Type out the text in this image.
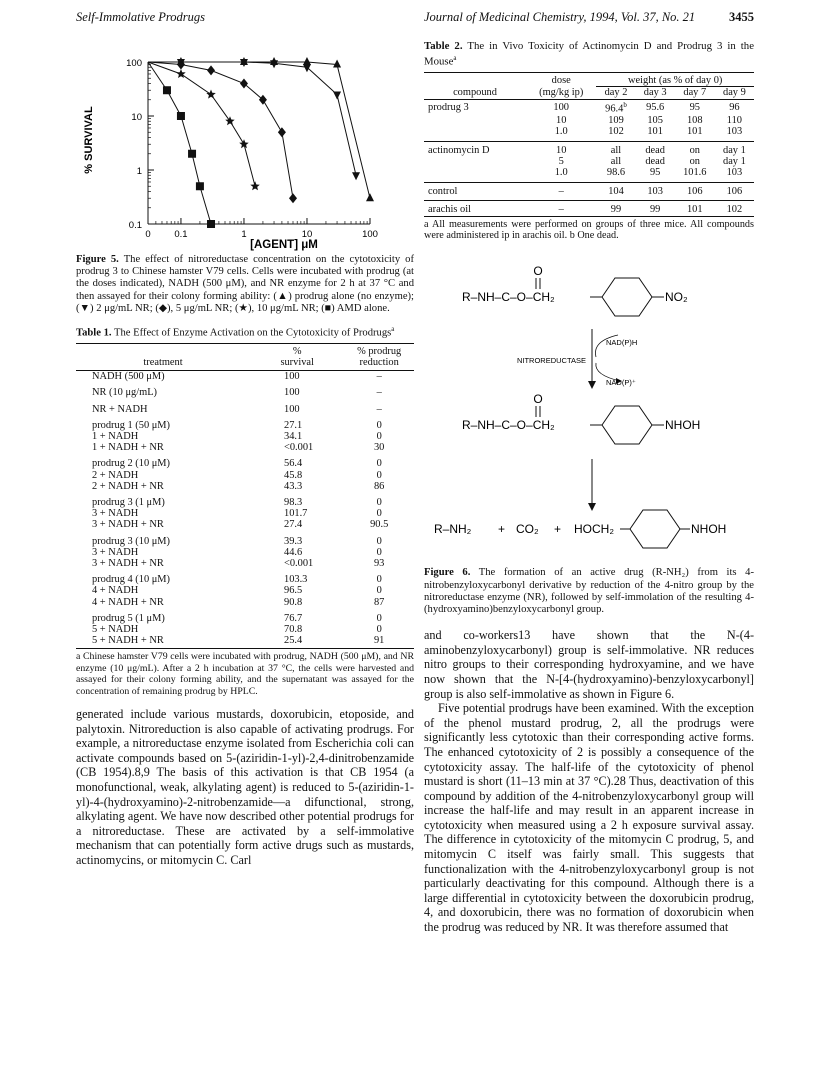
Self-Immolative Prodrugs	Journal of Medicinal Chemistry, 1994, Vol. 37, No. 21	3455
100
10
1
0.1
0 0.1	1	10	100
% SURVIVAL
[AGENT] μM
Figure 5. The effect of nitroreductase concentration on the cytotoxicity of prodrug 3 to Chinese hamster V79 cells. Cells were incubated with prodrug (at the doses indicated), NADH (500 μM), and NR enzyme for 2 h at 37 °C and then assayed for their colony forming ability: (▲) prodrug alone (no enzyme); (▼) 2 μg/mL NR; (◆), 5 μg/mL NR; (★), 10 μg/mL NR; (■) AMD alone.
Table 1. The Effect of Enzyme Activation on the Cytotoxicity of Prodrugs$^a$
	%	% prodrug
treatment	survival	reduction
NADH (500 μM)	100	–

NR (10 μg/mL)	100	–

NR + NADH	100	–

prodrug 1 (50 μM)	27.1	0
1 + NADH	34.1	0
1 + NADH + NR	<0.001	30

prodrug 2 (10 μM)	56.4	0
2 + NADH	45.8	0
2 + NADH + NR	43.3	86

prodrug 3 (1 μM)	98.3	0
3 + NADH	101.7	0
3 + NADH + NR	27.4	90.5

prodrug 3 (10 μM)	39.3	0
3 + NADH	44.6	0
3 + NADH + NR	<0.001	93

prodrug 4 (10 μM)	103.3	0
4 + NADH	96.5	0
4 + NADH + NR	90.8	87

prodrug 5 (1 μM)	76.7	0
5 + NADH	70.8	0
5 + NADH + NR	25.4	91
a Chinese hamster V79 cells were incubated with prodrug, NADH (500 μM), and NR enzyme (10 μg/mL). After a 2 h incubation at 37 °C, the cells were harvested and assayed for their colony forming ability, and the supernatant was assayed for the concentration of remaining prodrug by HPLC.

generated include various mustards, doxorubicin, etoposide, and palytoxin. Nitroreduction is also capable of activating prodrugs. For example, a nitroreductase enzyme isolated from Escherichia coli can activate compounds based on 5-(aziridin-1-yl)-2,4-dinitrobenzamide (CB 1954).8,9 The basis of this activation is that CB 1954 (a monofunctional, weak, alkylating agent) is reduced to 5-(aziridin-1-yl)-4-(hydroxyamino)-2-nitrobenzamide—a difunctional, strong, alkylating agent. We have now described other potential prodrugs for a nitroreductase. These are activated by a self-immolative mechanism that can potentially form active drugs such as mustards, actinomycins, or mitomycin C. Carl

Table 2. The in Vivo Toxicity of Actinomycin D and Prodrug 3 in the Mouse$^a$
	dose	weight (as % of day 0)			
compound	(mg/kg ip)	day 2	day 3	day 7	day 9
prodrug 3	100	96.4$^b$	95.6	95	96
	10	109	105	108	110
	1.0	102	101	101	103
actinomycin D	10	all	dead	on	day 1
	5	all	dead	on	day 1
	1.0	98.6	95	101.6	103
control	–	104	103	106	106
arachis oil	–	99	99	101	102
a All measurements were performed on groups of three mice. All compounds were administered ip in arachis oil. b One dead.
O
R–NH–C–O–CH₂	NO₂
NAD(P)H
NITROREDUCTASE
NAD(P)⁺
O
R–NH–C–O–CH₂	NHOH
R–NH₂ + CO₂ + HOCH₂	NHOH
Figure 6. The formation of an active drug (R-NH₂) from its 4-nitrobenzyloxycarbonyl derivative by reduction of the 4-nitro group by the nitroreductase enzyme (NR), followed by self-immolation of the resulting 4-(hydroxyamino)benzyloxycarbonyl group.

and co-workers13 have shown that the N-(4-aminobenzyloxycarbonyl) group is self-immolative. NR reduces nitro groups to their corresponding hydroxyamine, and we have now shown that the N-[4-(hydroxyamino)-benzyloxycarbonyl] group is also self-immolative as shown in Figure 6.

Five potential prodrugs have been examined. With the exception of the phenol mustard prodrug, 2, all the prodrugs were significantly less cytotoxic than their corresponding active forms. The enhanced cytotoxicity of 2 is possibly a consequence of the cytotoxicity assay. The half-life of the cytotoxicity of phenol mustard is short (11–13 min at 37 °C).28 Thus, deactivation of this compound by addition of the 4-nitrobenzyloxycarbonyl group will increase the half-life and may result in an apparent increase in cytotoxicity when measured using a 2 h exposure survival assay. The difference in cytotoxicity of the mitomycin C prodrug, 5, and mitomycin C itself was fairly small. This suggests that functionalization with the 4-nitrobenzyloxycarbonyl group is not particularly deactivating for this compound. Although there is a large differential in cytotoxicity between the doxorubicin prodrug, 4, and doxorubicin, there was no formation of doxorubicin when the prodrug was reduced by NR. It was therefore assumed that
